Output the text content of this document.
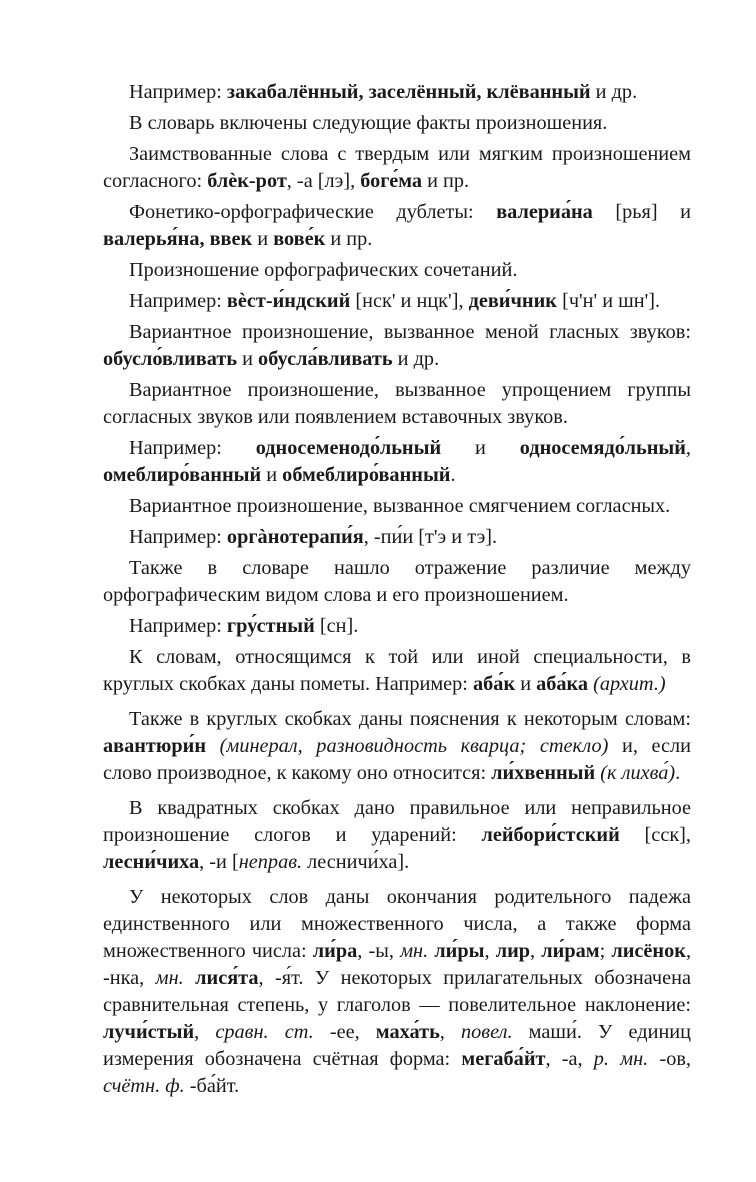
Например: закабалённый, заселённый, клёванный и др.

В словарь включены следующие факты произношения.

Заимствованные слова с твердым или мягким произношением согласного: блѐк-рот, -а [лэ], боге́ма и пр.

Фонетико-орфографические дублеты: валериа́на [рья] и валерья́на, ввек и вове́к и пр.

Произношение орфографических сочетаний.

Например: вѐст-и́ндский [нск' и нцк'], деви́чник [ч'н' и шн'].

Вариантное произношение, вызванное меной гласных звуков: обусло́вливать и обусла́вливать и др.

Вариантное произношение, вызванное упрощением группы согласных звуков или появлением вставочных звуков.

Например: односеменодо́льный и односемядо́льный, омеблиро́ванный и обмеблиро́ванный.

Вариантное произношение, вызванное смягчением согласных.

Например: оргàнотерапи́я, -пи́и [т'э и тэ].

Также в словаре нашло отражение различие между орфографическим видом слова и его произношением.

Например: гру́стный [сн].

К словам, относящимся к той или иной специальности, в круглых скобках даны пометы. Например: аба́к и аба́ка (архит.)

Также в круглых скобках даны пояснения к некоторым словам: авантюри́н (минерал, разновидность кварца; стекло) и, если слово производное, к какому оно относится: ли́хвенный (к лихва́).

В квадратных скобках дано правильное или неправильное произношение слогов и ударений: лейбори́стский [сск], лесни́чиха, -и [неправ. лесничи́ха].

У некоторых слов даны окончания родительного падежа единственного или множественного числа, а также форма множественного числа: ли́ра, -ы, мн. ли́ры, лир, ли́рам; лисёнок, -нка, мн. лися́та, -я́т. У некоторых прилагательных обозначена сравнительная степень, у глаголов — повелительное наклонение: лучи́стый, сравн. ст. -ее, маха́ть, повел. маши́. У единиц измерения обозначена счётная форма: мегаба́йт, -а, р. мн. -ов, счётн. ф. -ба́йт.
